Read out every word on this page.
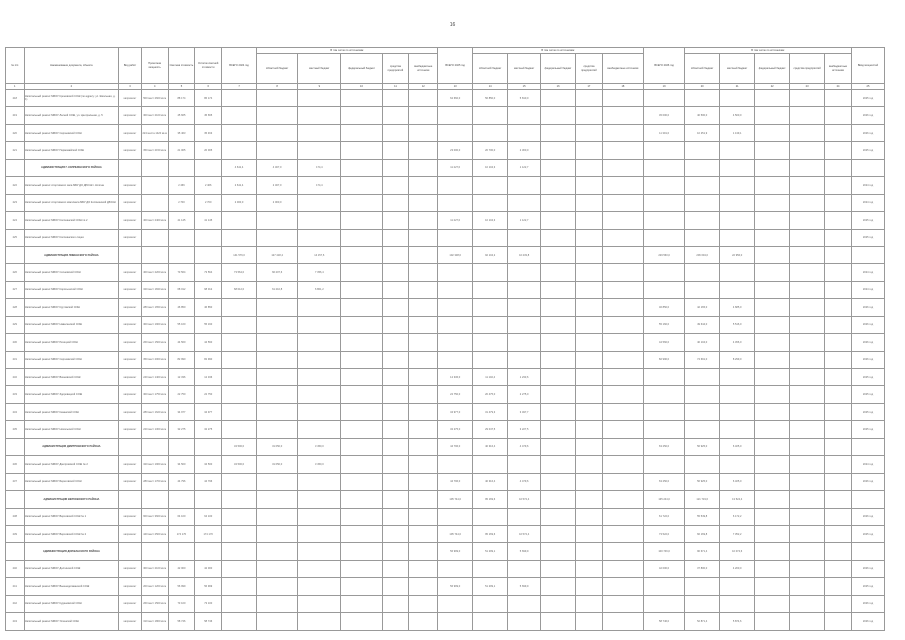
16
№ п/п	Наименование документа, объекта	Вид работ	Проектная мощность	Сметная стоимость	Остаток сметной стоимости	ВСЕГО 2024 год	В том числе по источникам:					ВСЕГО 2025 год	В том числе по источникам:					ВСЕГО 2026 год	В том числе по источникам:					Ввод мощностей
							областной бюджет	местный бюджет	федеральный бюджет	средства предприятий	внебюджетные источники		областной бюджет	местный бюджет	федеральный бюджет	средства предприятий	внебюджетные источники		областной бюджет	местный бюджет	федеральный бюджет	средства предприятий	внебюджетные источники	
1	2	3	4	5	6	7	8	9	10	11	12	13	14	15	16	17	18	19	20	21	22	23	24	25
218	Капитальный ремонт МБОУ Кроновской СОШ (по адресу: ул. Школьная, д. 1)	капремонт	500 мест 2600 кв.м	88 174	86 174							62 660,0	56 850,0	5 810,0										2025 год
219	Капитальный ремонт МБОУ Лесной СОШ, ул. Центральная, д. 5	капремонт	300 мест 2100 кв.м	45 665	45 665													45 000,0	40 500,0	4 500,0				2026 год
220	Капитальный ремонт МБОУ Сергеевской СОШ	капремонт	224 места 1420 кв.м	35 463	35 463													11 391,0	10 251,9	1 139,1				2026 год
221	Капитальный ремонт МБОУ Первомайской СОШ	капремонт	350 мест 2150 кв.м	21 005	20 005							23 000,0	20 700,0	2 300,0										2025 год
	АДМИНИСТРАЦИЯ Г. КОЛПНЯНСКОГО РАЙОНА					4 641,4	4 467,0	174,4				11 227,0	10 104,3	1 122,7										
222	Капитальный ремонт спортивного зала МБУ ДО ДЮСШ г. Колпна	капремонт		2 466	2 466	2 641,4	2 467,0	174,4																2024 год
223	Капитальный ремонт спортивного комплекса МБУ ДО Колпнянской ДЮСШ	капремонт		2 700	2 700	2 000,0	2 000,0																	2024 год
224	Капитальный ремонт МБОУ Колпнянской СОШ № 2	капремонт	400 мест 2400 кв.м	41 145	41 145							11 227,0	10 104,3	1 122,7										2025 год
225	Капитальный ремонт МБОУ Колпнянского лицея	капремонт																						2025 год
	АДМИНИСТРАЦИЯ ЛИВЕНСКОГО РАЙОНА					141 576,0	127 418,4	14 157,6				102 338,0	92 104,2	10 233,8				229 560,0	206 604,0	22 956,0				
226	Капитальный ремонт МБОУ Сосновской СОШ	капремонт	400 мест 2200 кв.м	73 564	73 564	73 564,0	66 207,6	7 356,4																2024 год
227	Капитальный ремонт МБОУ Коротышской СОШ	капремонт	320 мест 1840 кв.м	68 012	68 012	68 012,0	61 210,8	6 801,2																2024 год
228	Капитальный ремонт МБОУ Крутовской СОШ	капремонт	280 мест 1650 кв.м	46 850	46 850													46 850,0	42 165,0	4 685,0				2026 год
229	Капитальный ремонт МБОУ Навесенской СОШ	капремонт	300 мест 1900 кв.м	55 160	55 160													55 160,0	49 644,0	5 516,0				2026 год
230	Капитальный ремонт МБОУ Речицкой СОШ	капремонт	260 мест 1500 кв.м	44 560	44 560													44 560,0	40 104,0	4 456,0				2026 год
231	Капитальный ремонт МБОУ Сергиевской СОШ	капремонт	350 мест 2000 кв.м	82 990	82 990													82 990,0	74 691,0	8 299,0				2026 год
232	Капитальный ремонт МБОУ Вахновской СОШ	капремонт	240 мест 1400 кв.м	12 336	12 336							12 336,0	11 102,4	1 233,6										2025 год
233	Капитальный ремонт МБОУ Здоровецкой СОШ	капремонт	300 мест 1750 кв.м	22 750	22 750							22 750,0	20 475,0	2 275,0										2025 год
234	Капитальный ремонт МБОУ Казанской СОШ	капремонт	280 мест 1620 кв.м	34 977	34 977							34 977,0	31 479,3	3 497,7										2025 год
235	Капитальный ремонт МБОУ Никольской СОШ	капремонт	220 мест 1300 кв.м	32 275	32 275							32 275,0	29 047,5	3 227,5										2025 год
	АДМИНИСТРАЦИЯ ДМИТРОВСКОГО РАЙОНА					34 500,0	31 050,0	3 450,0				44 796,0	40 316,4	4 479,6				63 250,0	56 925,0	6 325,0				
236	Капитальный ремонт МБОУ Дмитровской СОШ № 2	капремонт	320 мест 1960 кв.м	34 500	34 500	34 500,0	31 050,0	3 450,0																2024 год
237	Капитальный ремонт МБОУ Береговской СОШ	капремонт	280 мест 1700 кв.м	44 796	44 796							44 796,0	40 316,4	4 479,6				63 250,0	56 925,0	6 325,0				2026 год
	АДМИНИСТРАЦИЯ ВЕРХОВСКОГО РАЙОНА											105 744,0	95 169,6	10 574,4				135 244,0	121 719,6	13 524,4				
238	Капитальный ремонт МБОУ Верховской СОШ № 1	капремонт	600 мест 3600 кв.м	64 100	64 100													61 722,0	55 549,8	6 172,2				2026 год
239	Капитальный ремонт МБОУ Верховской СОШ № 2	капремонт	440 мест 2500 кв.м	174 170	174 170							105 744,0	95 169,6	10 574,4				73 522,0	66 169,8	7 352,2				2025 год
	АДМИНИСТРАЦИЯ ДОЛЖАНСКОГО РАЙОНА											56 999,0	51 299,1	5 699,9				100 746,0	90 671,4	10 074,6				
240	Капитальный ремонт МБОУ Долгинской СОШ	капремонт	300 мест 2100 кв.м	42 000	42 000													42 000,0	37 800,0	4 200,0				2026 год
241	Капитальный ремонт МБОУ Вышнедолжанской СОШ	капремонт	200 мест 1200 кв.м	56 999	56 999							56 999,0	51 299,1	5 699,9										2025 год
242	Капитальный ремонт МБОУ Кудиновской СОШ	капремонт	260 мест 1500 кв.м	73 100	73 100																			2026 год
243	Капитальный ремонт МБОУ Успенской СОШ	капремонт	310 мест 1800 кв.м	58 746	58 746													58 746,0	52 871,4	5 874,6				2026 год
